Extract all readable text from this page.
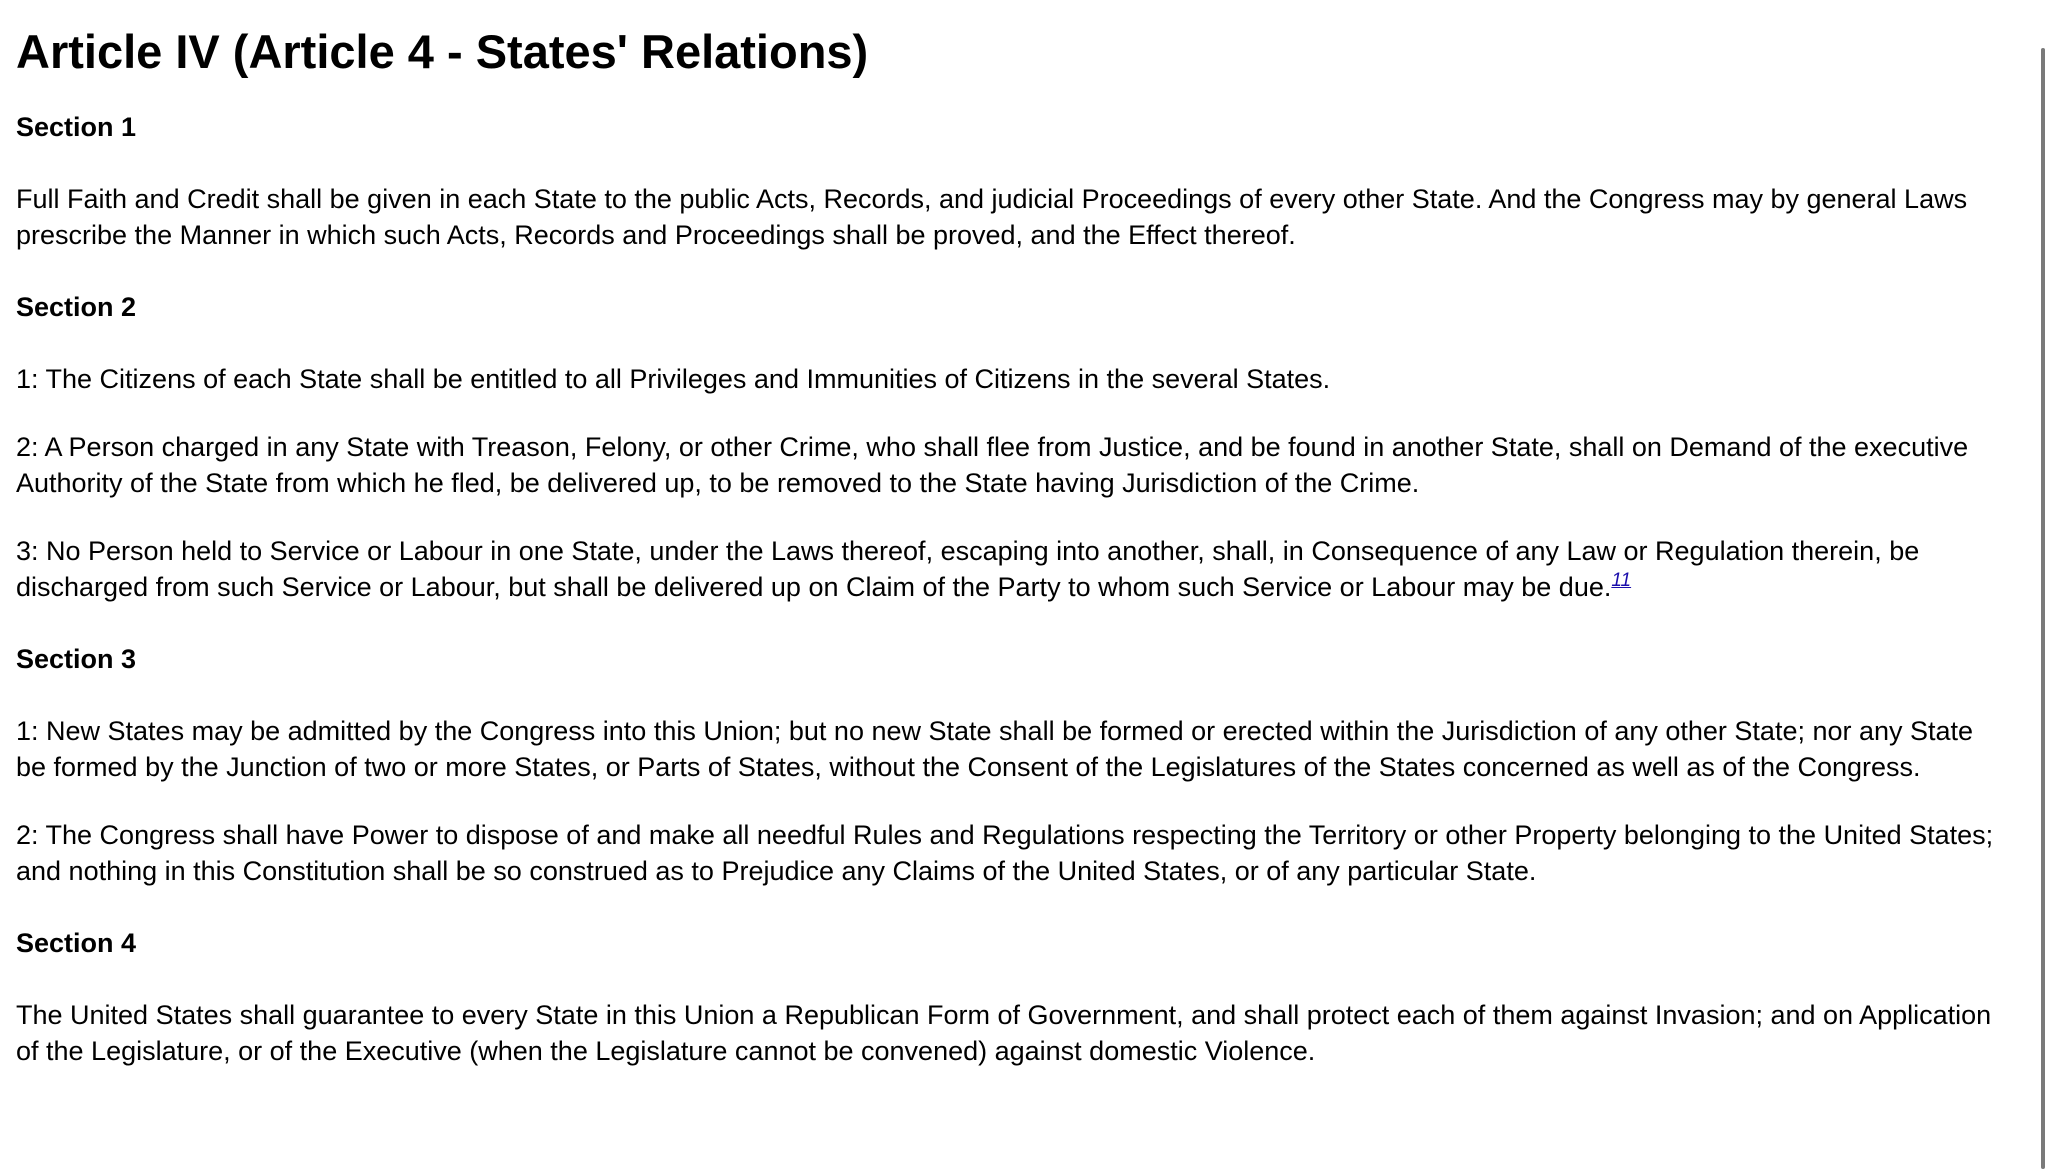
Article IV (Article 4 - States' Relations)
Section 1

Full Faith and Credit shall be given in each State to the public Acts, Records, and judicial Proceedings of every other State. And the Congress may by general Laws prescribe the Manner in which such Acts, Records and Proceedings shall be proved, and the Effect thereof.

Section 2

1: The Citizens of each State shall be entitled to all Privileges and Immunities of Citizens in the several States.

2: A Person charged in any State with Treason, Felony, or other Crime, who shall flee from Justice, and be found in another State, shall on Demand of the executive Authority of the State from which he fled, be delivered up, to be removed to the State having Jurisdiction of the Crime.

3: No Person held to Service or Labour in one State, under the Laws thereof, escaping into another, shall, in Consequence of any Law or Regulation therein, be discharged from such Service or Labour, but shall be delivered up on Claim of the Party to whom such Service or Labour may be due.$^{11}$

Section 3

1: New States may be admitted by the Congress into this Union; but no new State shall be formed or erected within the Jurisdiction of any other State; nor any State be formed by the Junction of two or more States, or Parts of States, without the Consent of the Legislatures of the States concerned as well as of the Congress.

2: The Congress shall have Power to dispose of and make all needful Rules and Regulations respecting the Territory or other Property belonging to the United States; and nothing in this Constitution shall be so construed as to Prejudice any Claims of the United States, or of any particular State.

Section 4

The United States shall guarantee to every State in this Union a Republican Form of Government, and shall protect each of them against Invasion; and on Application of the Legislature, or of the Executive (when the Legislature cannot be convened) against domestic Violence.
